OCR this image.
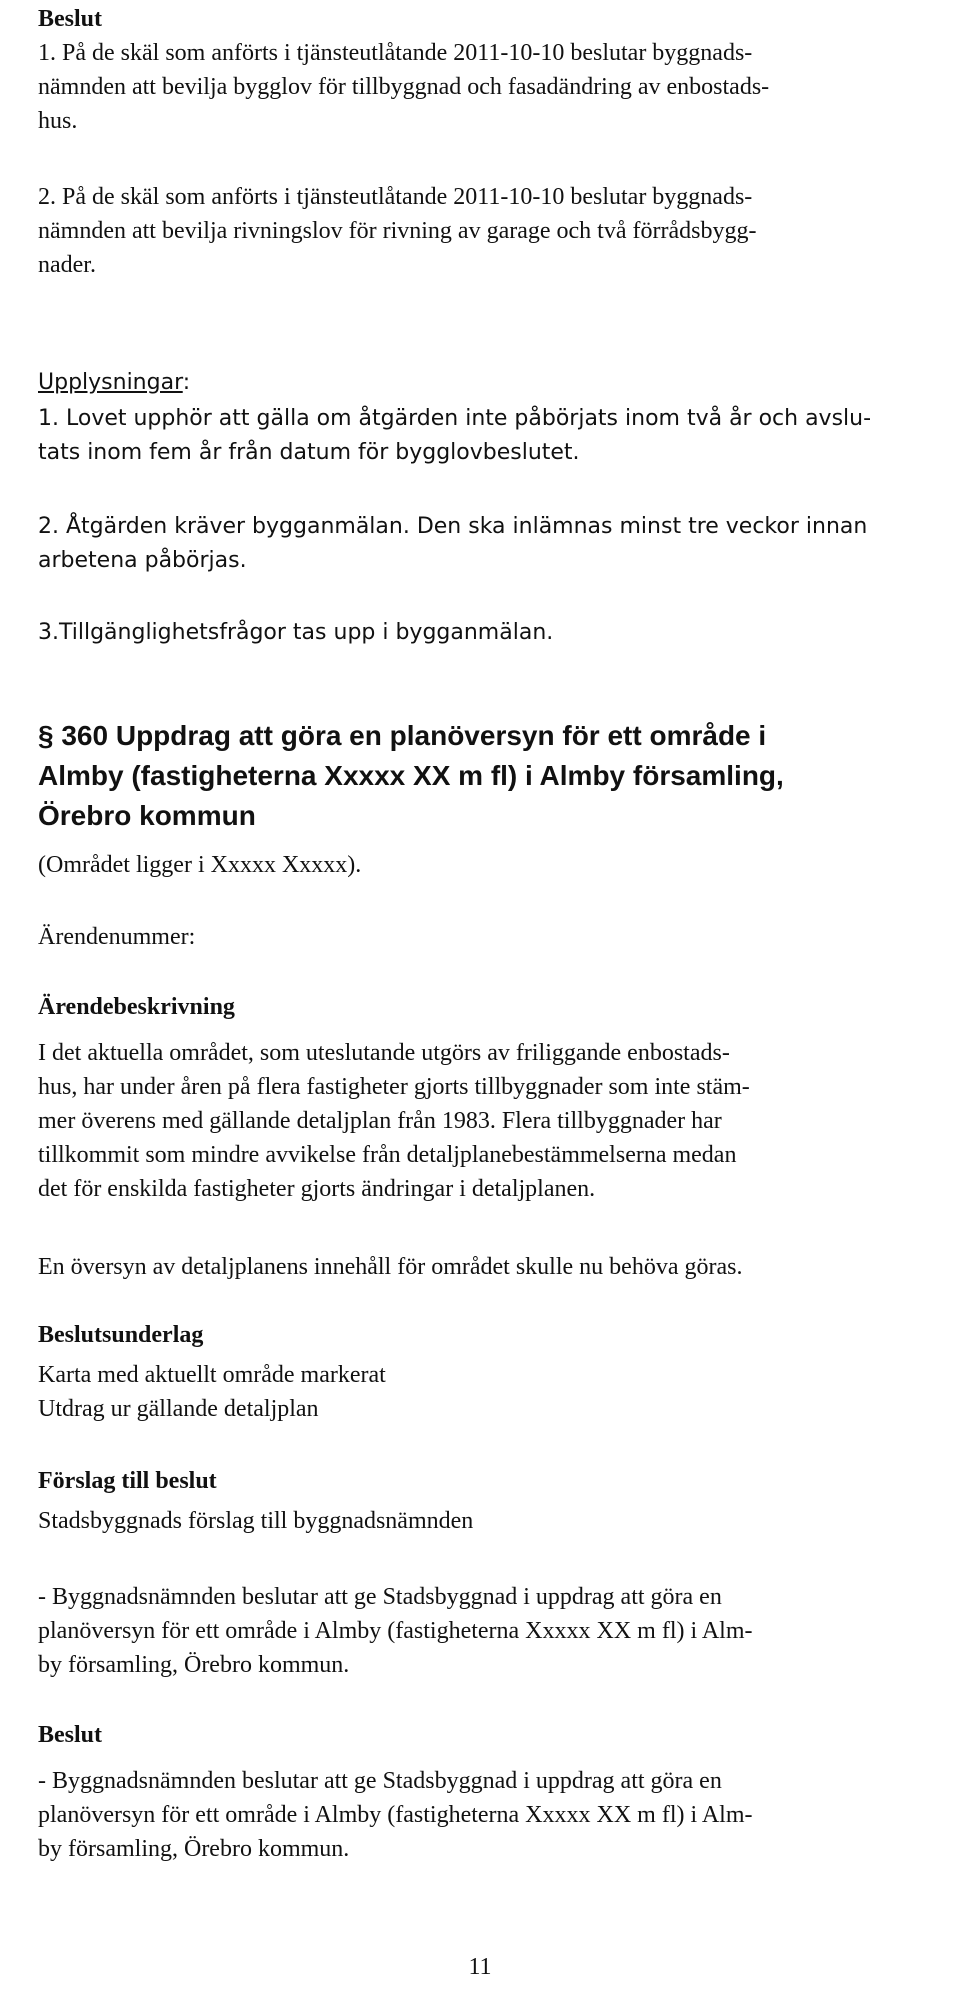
Beslut
1. På de skäl som anförts i tjänsteutlåtande 2011-10-10 beslutar byggnads-
nämnden att bevilja bygglov för tillbyggnad och fasadändring av enbostads-
hus.
2. På de skäl som anförts i tjänsteutlåtande 2011-10-10 beslutar byggnads-
nämnden att bevilja rivningslov för rivning av garage och två förrådsbygg-
nader.
Upplysningar:
1. Lovet upphör att gälla om åtgärden inte påbörjats inom två år och avslu-
tats inom fem år från datum för bygglovbeslutet.
2. Åtgärden kräver bygganmälan. Den ska inlämnas minst tre veckor innan
arbetena påbörjas.
3.Tillgänglighetsfrågor tas upp i bygganmälan.
§ 360 Uppdrag att göra en planöversyn för ett område i
Almby (fastigheterna Xxxxx XX m fl) i Almby församling,
Örebro kommun
(Området ligger i Xxxxx Xxxxx).
Ärendenummer:
Ärendebeskrivning
I det aktuella området, som uteslutande utgörs av friliggande enbostads-
hus, har under åren på flera fastigheter gjorts tillbyggnader som inte stäm-
mer överens med gällande detaljplan från 1983. Flera tillbyggnader har
tillkommit som mindre avvikelse från detaljplanebestämmelserna medan
det för enskilda fastigheter gjorts ändringar i detaljplanen.
En översyn av detaljplanens innehåll för området skulle nu behöva göras.
Beslutsunderlag
Karta med aktuellt område markerat
Utdrag ur gällande detaljplan
Förslag till beslut
Stadsbyggnads förslag till byggnadsnämnden
- Byggnadsnämnden beslutar att ge Stadsbyggnad i uppdrag att göra en
planöversyn för ett område i Almby (fastigheterna Xxxxx XX m fl) i Alm-
by församling, Örebro kommun.
Beslut
- Byggnadsnämnden beslutar att ge Stadsbyggnad i uppdrag att göra en
planöversyn för ett område i Almby (fastigheterna Xxxxx XX m fl) i Alm-
by församling, Örebro kommun.
11
